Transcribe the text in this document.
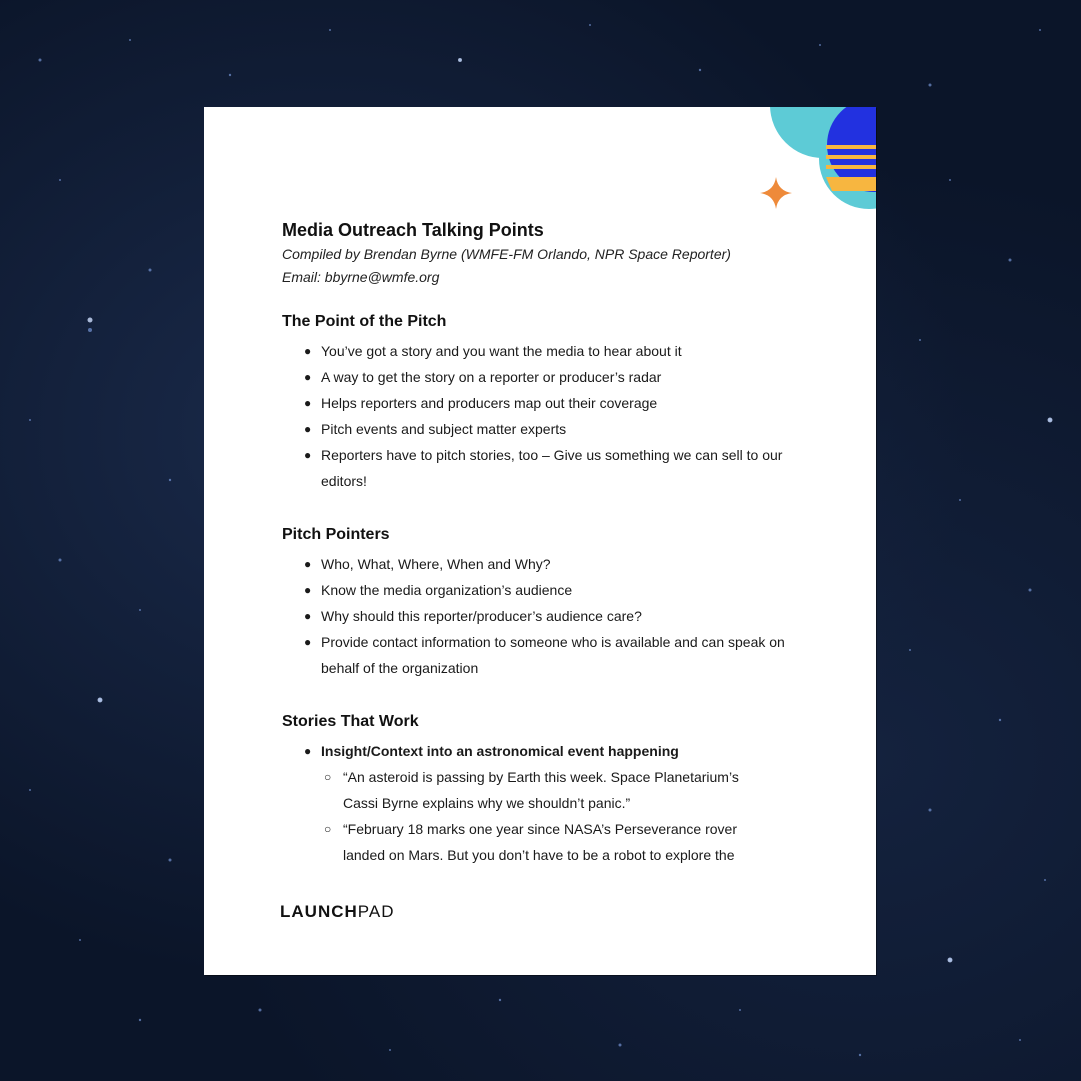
Media Outreach Talking Points
Compiled by Brendan Byrne (WMFE-FM Orlando, NPR Space Reporter)
Email: bbyrne@wmfe.org
The Point of the Pitch
● You’ve got a story and you want the media to hear about it
● A way to get the story on a reporter or producer’s radar
● Helps reporters and producers map out their coverage
● Pitch events and subject matter experts
● Reporters have to pitch stories, too – Give us something we can sell to our editors!
Pitch Pointers
● Who, What, Where, When and Why?
● Know the media organization’s audience
● Why should this reporter/producer’s audience care?
● Provide contact information to someone who is available and can speak on behalf of the organization
Stories That Work
● Insight/Context into an astronomical event happening
○ “An asteroid is passing by Earth this week. Space Planetarium’s Cassi Byrne explains why we shouldn’t panic.”
○ “February 18 marks one year since NASA’s Perseverance rover landed on Mars. But you don’t have to be a robot to explore the
LAUNCHPAD
